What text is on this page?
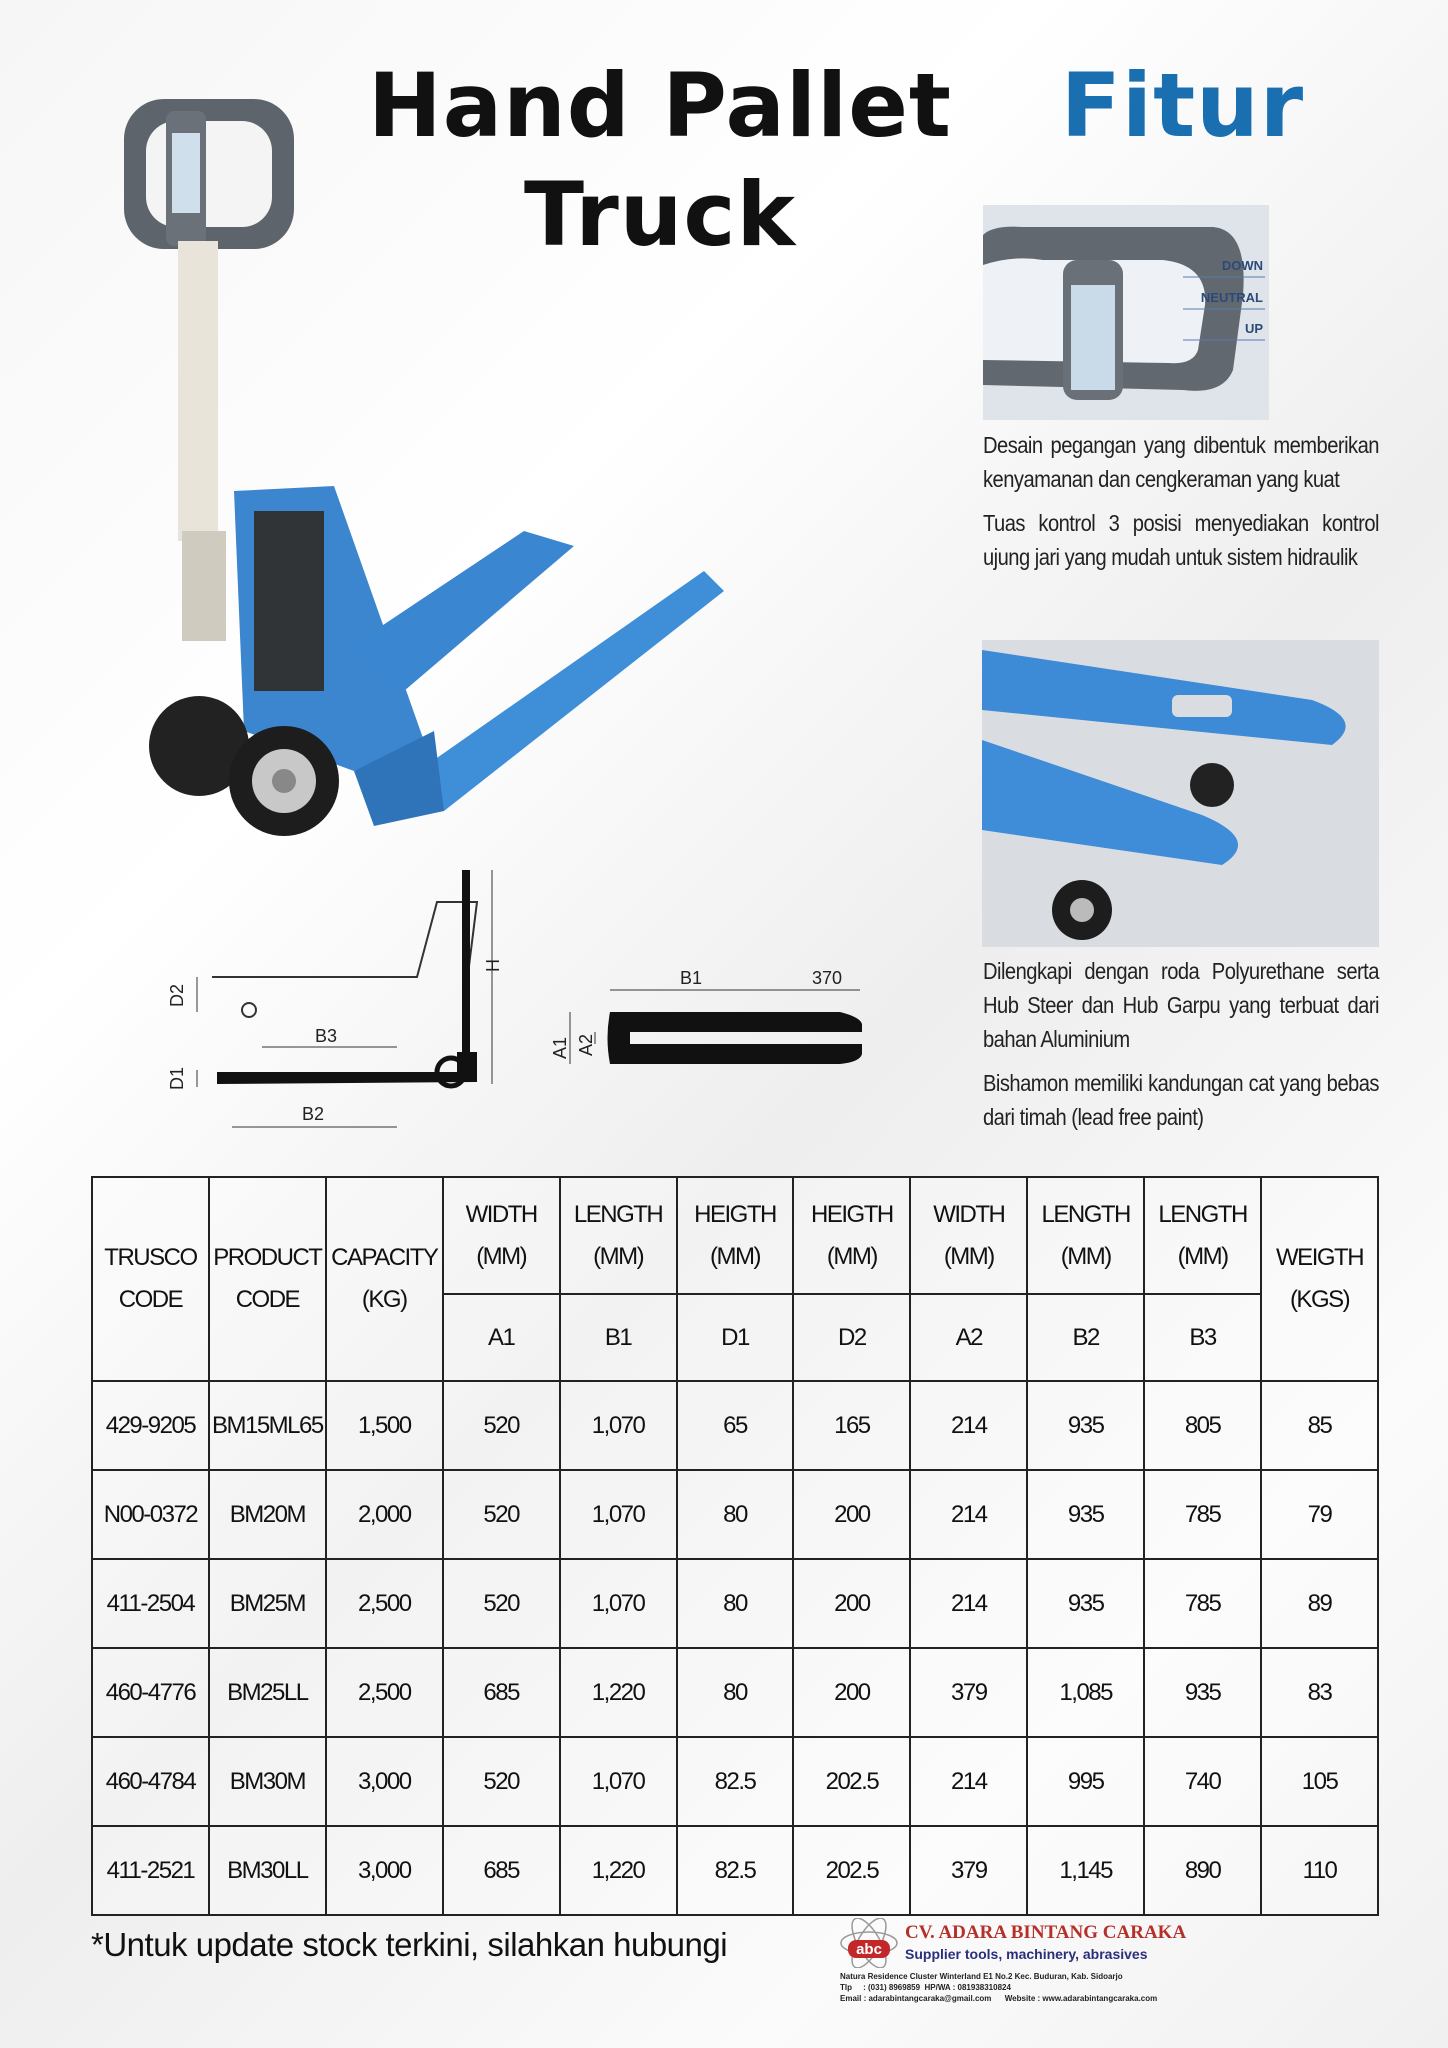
Hand Pallet
Truck
Fitur
DOWN
NEUTRAL
UP
Desain pegangan yang dibentuk memberikan kenyamanan dan cengkeraman yang kuat
Tuas kontrol 3 posisi menyediakan kontrol ujung jari yang mudah untuk sistem hidraulik
Dilengkapi dengan roda Polyurethane serta Hub Steer dan Hub Garpu yang terbuat dari bahan Aluminium
Bishamon memiliki kandungan cat yang bebas dari timah (lead free paint)
H
D2
B3
D1
B2
B1	370
A1 A2
TRUSCO CODE	PRODUCT CODE	CAPACITY (KG)	WIDTH (MM)	LENGTH (MM)	HEIGTH (MM)	HEIGTH (MM)	WIDTH (MM)	LENGTH (MM)	LENGTH (MM)	WEIGTH (KGS)
			A1	B1	D1	D2	A2	B2	B3	
429-9205	BM15ML65	1,500	520	1,070	65	165	214	935	805	85
N00-0372	BM20M	2,000	520	1,070	80	200	214	935	785	79
411-2504	BM25M	2,500	520	1,070	80	200	214	935	785	89
460-4776	BM25LL	2,500	685	1,220	80	200	379	1,085	935	83
460-4784	BM30M	3,000	520	1,070	82.5	202.5	214	995	740	105
411-2521	BM30LL	3,000	685	1,220	82.5	202.5	379	1,145	890	110
*Untuk update stock terkini, silahkan hubungi	abc
CV. ADARA BINTANG CARAKA
Supplier tools, machinery, abrasives
Natura Residence Cluster Winterland E1 No.2 Kec. Buduran, Kab. Sidoarjo
Tlp     : (031) 8969859  HP/WA : 081938310824
Email : adarabintangcaraka@gmail.com      Website : www.adarabintangcaraka.com
